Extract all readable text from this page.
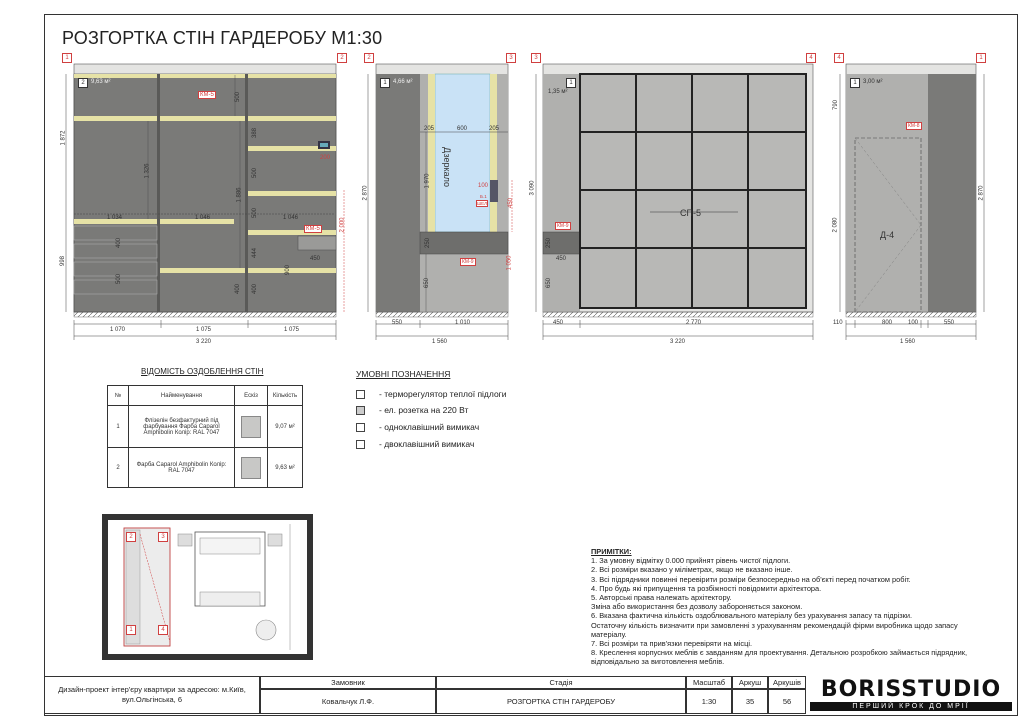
РОЗГОРТКА СТІН ГАРДЕРОБУ М1:30
1	2	2	3	3	4	4	1
2	9,63 м²	1	4,66 м²	1
1,35 м²
1	3,00 м²
1 070	1 075	1 075
3 220
1 872
998
1 034	1 046	1 046
1 326
1 886
500
388
500
500
444
400
500
400 400
450
900
2 000
200
КМ-5
КМ-5
Дзеркало
205	600	205
550	1 010
1 560
2 870
1 970
650
250
450
1 050
100
Б.1
ШЕЛ
КМ-9
СП-5
450	2 770
3 220
3 090
250
450
650
КМ-9
Д-4
110	800	100	550
1 560
790
2 080
2 870
КМ-8
ВІДОМІСТЬ ОЗДОБЛЕННЯ СТІН
№	Найменування	Ескіз	Кількість
1	Флізелін безфактурний під фарбування Фарба Caparol Amphibolin Колір: RAL 7047		9,07 м²
2	Фарба Caparol Amphibolin Колір: RAL 7047		9,63 м²
УМОВНІ ПОЗНАЧЕННЯ
- терморегулятор теплої підлоги
- ел. розетка на 220 Вт
- одноклавішний вимикач
- двоклавішний вимикач
2	3
1	4
ПРИМІТКИ:
1. За умовну відмітку 0.000 прийнят рівень чистої підлоги.
2. Всі розміри вказано у міліметрах, якщо не вказано інше.
3. Всі підрядники повинні перевірити розміри безпосередньо на об'єкті перед початком робіт.
4. Про будь які припущення та розбіжності повідомити архітектора.
5. Авторські права належать архітектору.
Зміна або використання без дозволу забороняється законом.
6. Вказана фактична кількість оздоблювального матеріалу без урахування запасу та підрізки.
Остаточну кількість визначити при замовленні з урахуванням рекомендацій фірми виробника щодо запасу матеріалу.
7. Всі розміри та прив'язки перевіряти на місці.
8. Креслення корпусних меблів є завданням для проектування. Детальною розробкою займається підрядник, відповідально за виготовлення меблів.
Дизайн-проект інтер'єру квартири за адресою: м.Київ, вул.Ольгінська, 6
Замовник
Ковальчук Л.Ф.
Стадія
РОЗГОРТКА СТІН ГАРДЕРОБУ
Масштаб
1:30
Аркуш
35
Аркушів
56	BORISSTUDIO
ПЕРШИЙ КРОК ДО МРІЇ
